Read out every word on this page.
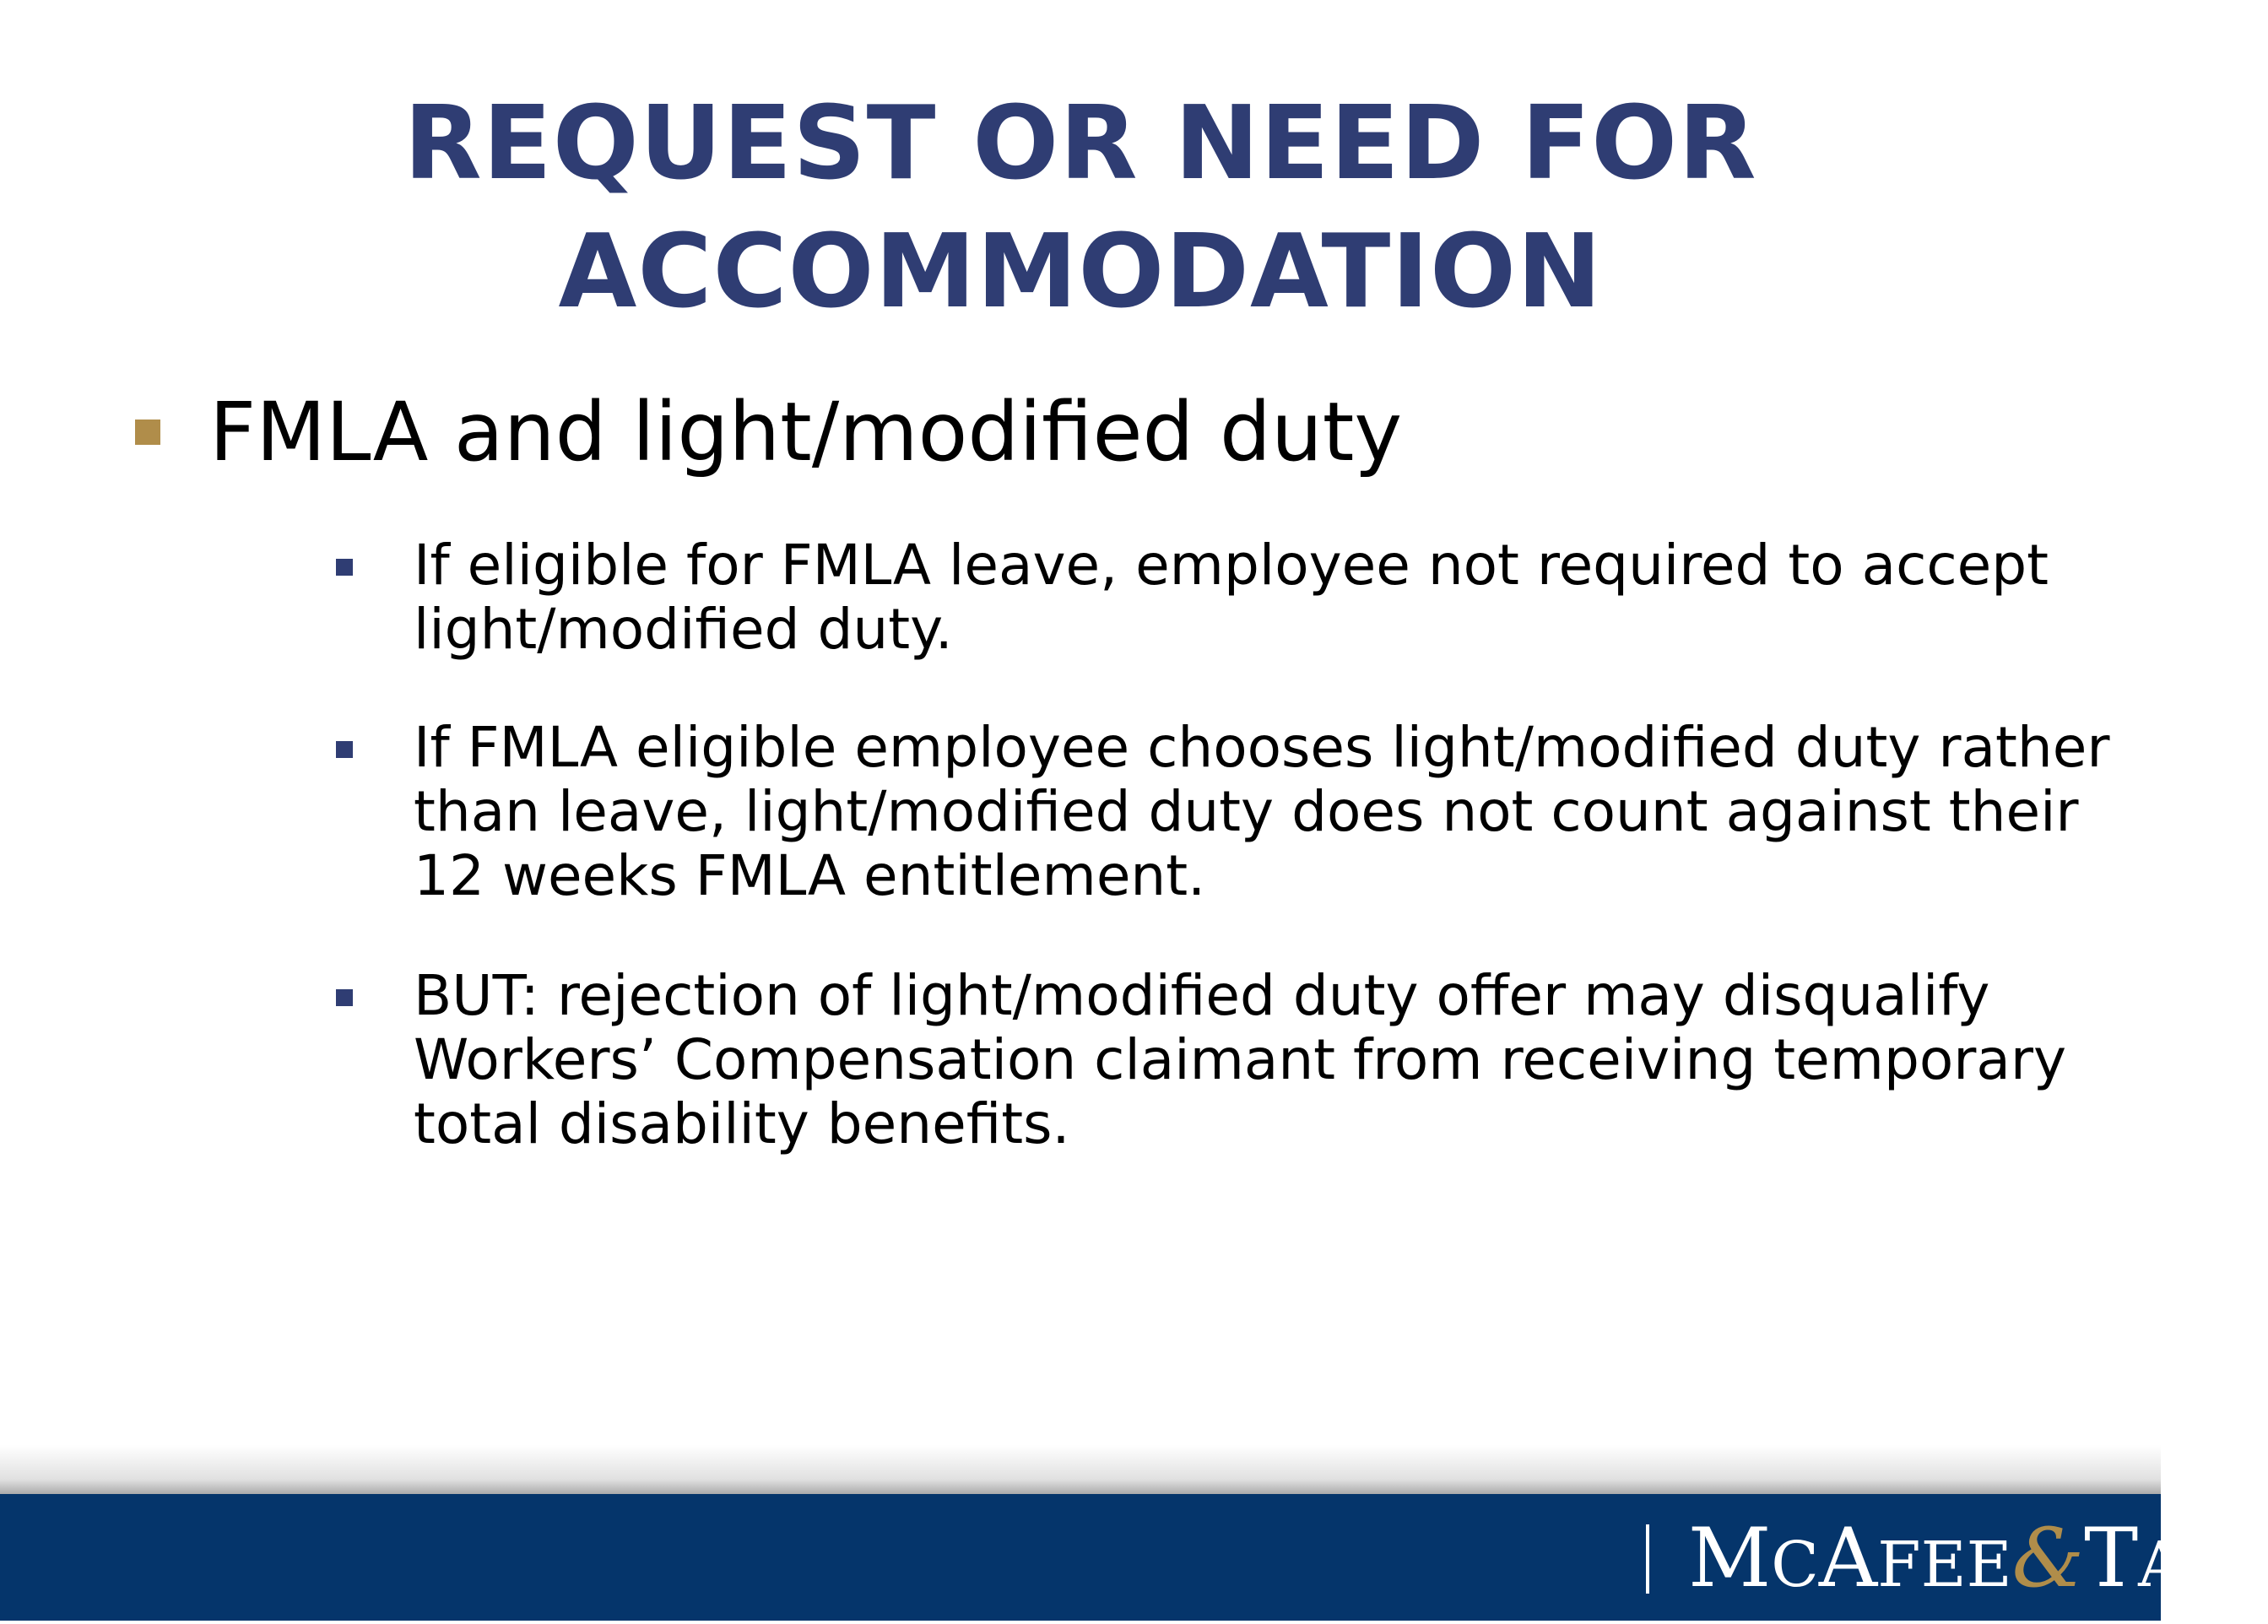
REQUEST OR NEED FOR
ACCOMMODATION
FMLA and light/modified duty
If eligible for FMLA leave, employee not required to accept
light/modified duty.
If FMLA eligible employee chooses light/modified duty rather
than leave, light/modified duty does not count against their
12 weeks FMLA entitlement.
BUT: rejection of light/modified duty offer may disqualify
Workers’ Compensation claimant from receiving temporary
total disability benefits.
MCAFEE&TAFT
